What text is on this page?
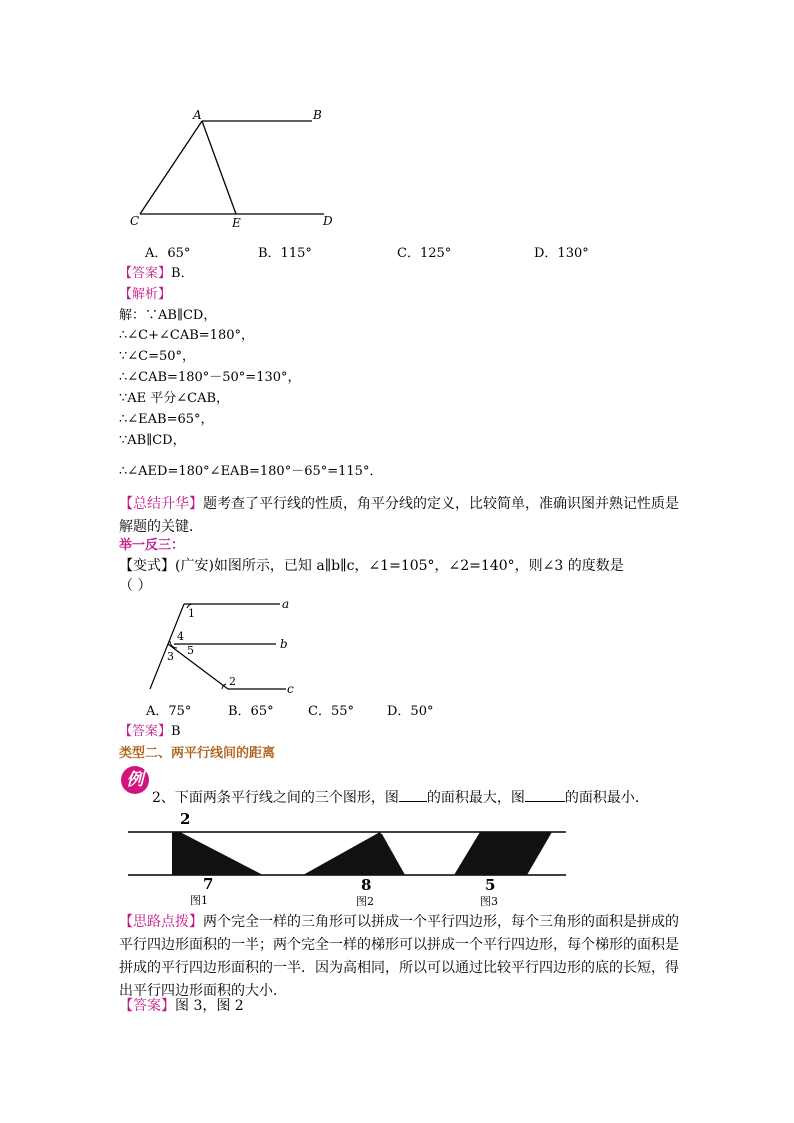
A	B
C	E	D
A．65°	B．115°	C．125°	D．130°
【答案】B．
【解析】
解：∵AB∥CD，
∴∠C+∠CAB=180°，
∵∠C=50°，
∴∠CAB=180°－50°=130°，
∵AE 平分∠CAB，
∴∠EAB=65°，
∵AB∥CD，
∴∠AED=180°∠EAB=180°－65°=115°．
【总结升华】题考查了平行线的性质，角平分线的定义，比较简单，准确识图并熟记性质是
解题的关键．
举一反三：
【变式】(广安)如图所示，已知 a∥b∥c，∠1=105°，∠2=140°，则∠3 的度数是
（ ）
a
b
c
1
2
3
4
5
A．75°	B．65°	C．55°	D．50°
【答案】B
类型二、两平行线间的距离
例
2、下面两条平行线之间的三个图形，图 的面积最大，图	的面积最小．
2
7	8	5
图1	图2	图3
【思路点拨】两个完全一样的三角形可以拼成一个平行四边形，每个三角形的面积是拼成的
平行四边形面积的一半；两个完全一样的梯形可以拼成一个平行四边形，每个梯形的面积是
拼成的平行四边形面积的一半．因为高相同，所以可以通过比较平行四边形的底的长短，得
出平行四边形面积的大小．
【答案】图 3，图 2
